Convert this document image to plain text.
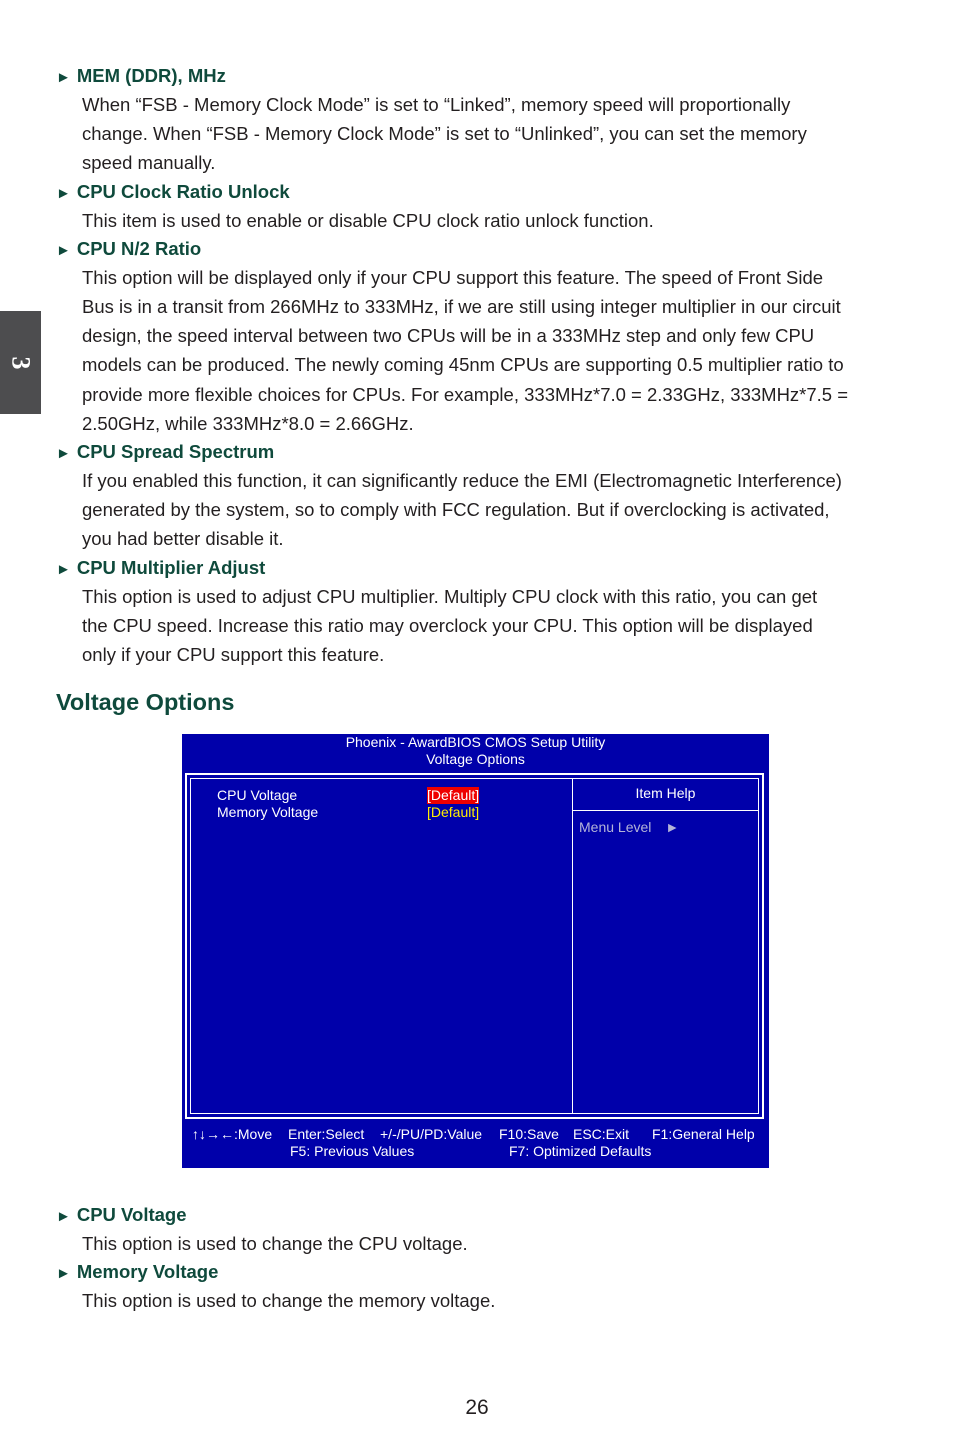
3
► MEM (DDR), MHz
When “FSB - Memory Clock Mode” is set to “Linked”, memory speed will proportionally
change. When “FSB - Memory Clock Mode” is set to “Unlinked”, you can set the memory
speed manually.
► CPU Clock Ratio Unlock
This item is used to enable or disable CPU clock ratio unlock function.
► CPU N/2 Ratio
This option will be displayed only if your CPU support this feature. The speed of Front Side
Bus is in a transit from 266MHz to 333MHz, if we are still using integer multiplier in our circuit
design, the speed interval between two CPUs will be in a 333MHz step and only few CPU
models can be produced. The newly coming 45nm CPUs are supporting 0.5 multiplier ratio to
provide more flexible choices for CPUs. For example, 333MHz*7.0 = 2.33GHz, 333MHz*7.5 =
2.50GHz, while 333MHz*8.0 = 2.66GHz.
► CPU Spread Spectrum
If you enabled this function, it can significantly reduce the EMI (Electromagnetic Interference)
generated by the system, so to comply with FCC regulation. But if overclocking is activated,
you had better disable it.
► CPU Multiplier Adjust
This option is used to adjust CPU multiplier. Multiply CPU clock with this ratio, you can get
the CPU speed. Increase this ratio may overclock your CPU. This option will be displayed
only if your CPU support this feature.
Voltage Options
Phoenix - AwardBIOS CMOS Setup Utility
Voltage Options
CPU Voltage	[Default]
Memory Voltage	[Default]
Item Help
Menu Level ►
↑↓→←:Move Enter:Select +/-/PU/PD:Value F10:Save ESC:Exit F1:General Help
F5: Previous Values	F7: Optimized Defaults
► CPU Voltage
This option is used to change the CPU voltage.
► Memory Voltage
This option is used to change the memory voltage.
26
